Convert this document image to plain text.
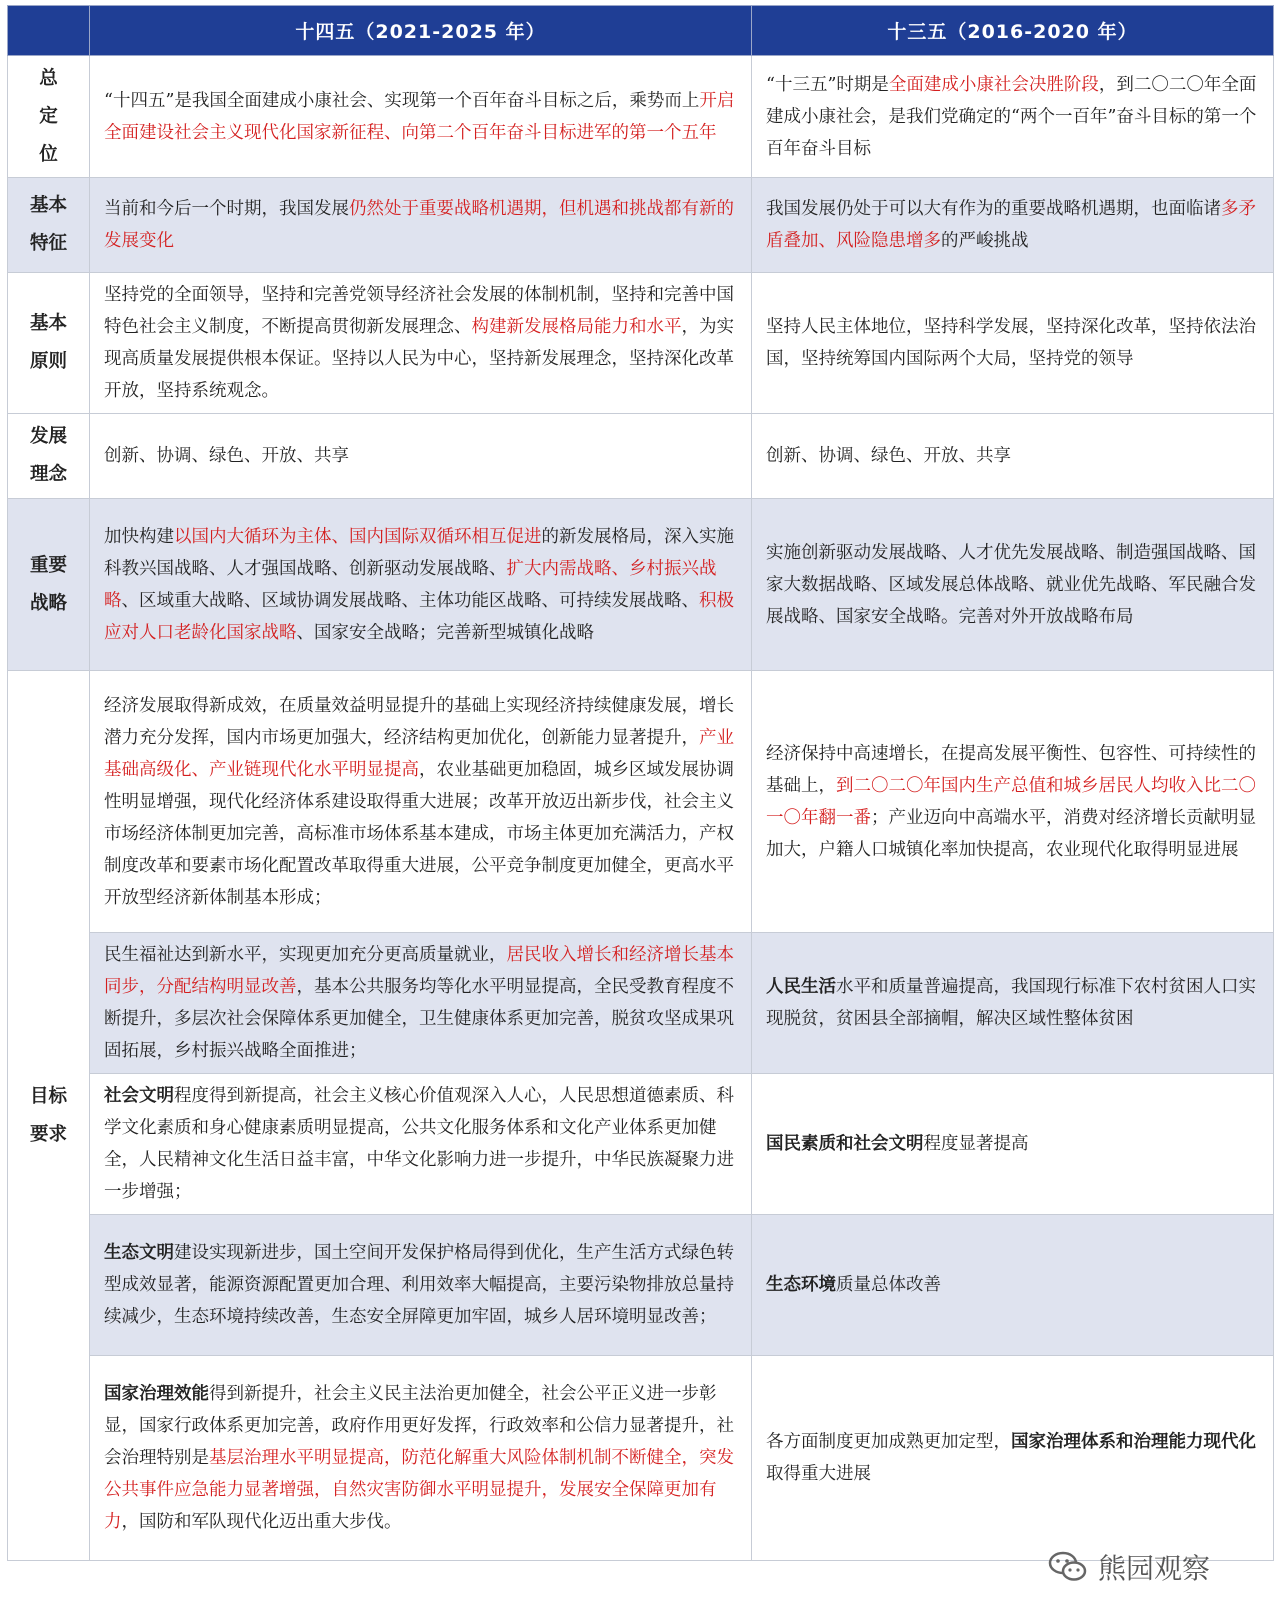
	十四五（2021-2025 年）	十三五（2016-2020 年）
总
定
位	“十四五”是我国全面建成小康社会、实现第一个百年奋斗目标之后，乘势而上开启全面建设社会主义现代化国家新征程、向第二个百年奋斗目标进军的第一个五年	“十三五”时期是全面建成小康社会决胜阶段，到二〇二〇年全面建成小康社会，是我们党确定的“两个一百年”奋斗目标的第一个百年奋斗目标
基本
特征	当前和今后一个时期，我国发展仍然处于重要战略机遇期，但机遇和挑战都有新的发展变化	我国发展仍处于可以大有作为的重要战略机遇期，也面临诸多矛盾叠加、风险隐患增多的严峻挑战
基本
原则	坚持党的全面领导，坚持和完善党领导经济社会发展的体制机制，坚持和完善中国特色社会主义制度，不断提高贯彻新发展理念、构建新发展格局能力和水平，为实现高质量发展提供根本保证。坚持以人民为中心，坚持新发展理念，坚持深化改革开放，坚持系统观念。	坚持人民主体地位，坚持科学发展，坚持深化改革，坚持依法治国，坚持统筹国内国际两个大局，坚持党的领导
发展
理念	创新、协调、绿色、开放、共享	创新、协调、绿色、开放、共享
重要
战略	加快构建以国内大循环为主体、国内国际双循环相互促进的新发展格局，深入实施科教兴国战略、人才强国战略、创新驱动发展战略、扩大内需战略、乡村振兴战略、区域重大战略、区域协调发展战略、主体功能区战略、可持续发展战略、积极应对人口老龄化国家战略、国家安全战略；完善新型城镇化战略	实施创新驱动发展战略、人才优先发展战略、制造强国战略、国家大数据战略、区域发展总体战略、就业优先战略、军民融合发展战略、国家安全战略。完善对外开放战略布局
目标
要求	经济发展取得新成效，在质量效益明显提升的基础上实现经济持续健康发展，增长潜力充分发挥，国内市场更加强大，经济结构更加优化，创新能力显著提升，产业基础高级化、产业链现代化水平明显提高，农业基础更加稳固，城乡区域发展协调性明显增强，现代化经济体系建设取得重大进展；改革开放迈出新步伐，社会主义市场经济体制更加完善，高标准市场体系基本建成，市场主体更加充满活力，产权制度改革和要素市场化配置改革取得重大进展，公平竞争制度更加健全，更高水平开放型经济新体制基本形成；	经济保持中高速增长，在提高发展平衡性、包容性、可持续性的基础上，到二〇二〇年国内生产总值和城乡居民人均收入比二〇一〇年翻一番；产业迈向中高端水平，消费对经济增长贡献明显加大，户籍人口城镇化率加快提高，农业现代化取得明显进展
	民生福祉达到新水平，实现更加充分更高质量就业，居民收入增长和经济增长基本同步，分配结构明显改善，基本公共服务均等化水平明显提高，全民受教育程度不断提升，多层次社会保障体系更加健全，卫生健康体系更加完善，脱贫攻坚成果巩固拓展，乡村振兴战略全面推进；	人民生活水平和质量普遍提高，我国现行标准下农村贫困人口实现脱贫，贫困县全部摘帽，解决区域性整体贫困
	社会文明程度得到新提高，社会主义核心价值观深入人心，人民思想道德素质、科学文化素质和身心健康素质明显提高，公共文化服务体系和文化产业体系更加健全，人民精神文化生活日益丰富，中华文化影响力进一步提升，中华民族凝聚力进一步增强；	国民素质和社会文明程度显著提高
	生态文明建设实现新进步，国土空间开发保护格局得到优化，生产生活方式绿色转型成效显著，能源资源配置更加合理、利用效率大幅提高，主要污染物排放总量持续减少，生态环境持续改善，生态安全屏障更加牢固，城乡人居环境明显改善；	生态环境质量总体改善
	国家治理效能得到新提升，社会主义民主法治更加健全，社会公平正义进一步彰显，国家行政体系更加完善，政府作用更好发挥，行政效率和公信力显著提升，社会治理特别是基层治理水平明显提高，防范化解重大风险体制机制不断健全，突发公共事件应急能力显著增强，自然灾害防御水平明显提升，发展安全保障更加有力，国防和军队现代化迈出重大步伐。	各方面制度更加成熟更加定型，国家治理体系和治理能力现代化取得重大进展
熊园观察
